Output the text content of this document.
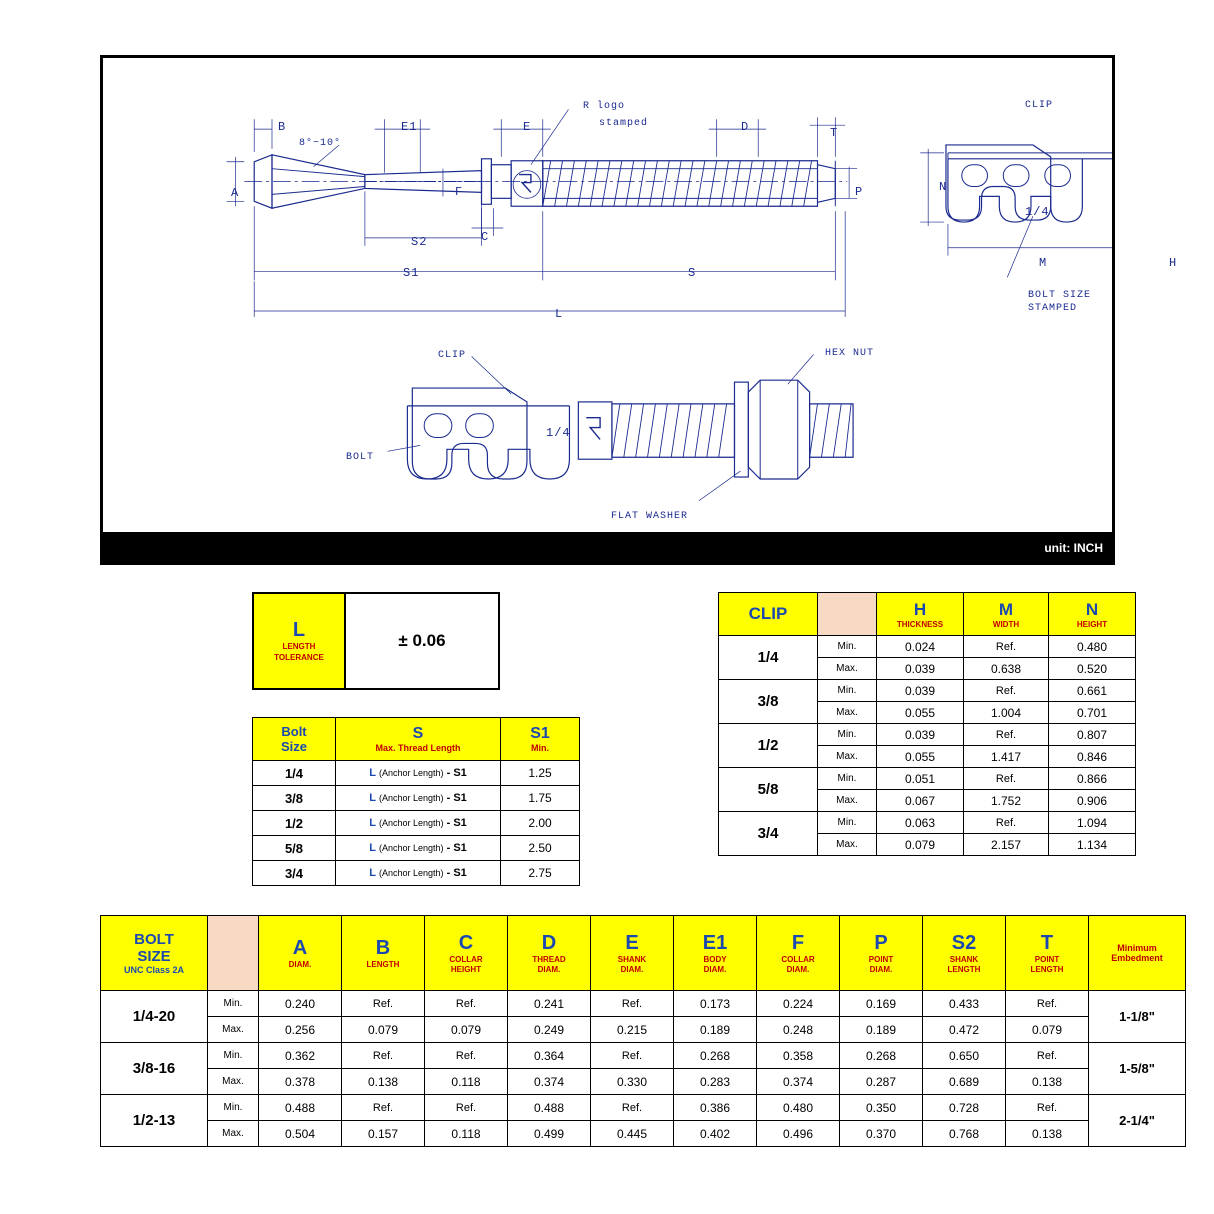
B
8°~10°
E1	E
R logo
stamped	D	T
A	F	P
S2	C
S1	S
L
CLIP
N
1/4
M	H
BOLT SIZE
STAMPED
CLIP	HEX NUT
BOLT
1/4
FLAT WASHER
unit: INCH
L
LENGTH
TOLERANCE
	± 0.06
Bolt
Size

S
Max. Thread Length

S1
Min.

1/4	L (Anchor Length) - S1	1.25
3/8	L (Anchor Length) - S1	1.75
1/2	L (Anchor Length) - S1	2.00
5/8	L (Anchor Length) - S1	2.50
3/4	L (Anchor Length) - S1	2.75
CLIP		H
THICKNESS

M
WIDTH

N
HEIGHT

1/4	Min.	0.024	Ref.	0.480
	Max.	0.039	0.638	0.520
3/8	Min.	0.039	Ref.	0.661
	Max.	0.055	1.004	0.701
1/2	Min.	0.039	Ref.	0.807
	Max.	0.055	1.417	0.846
5/8	Min.	0.051	Ref.	0.866
	Max.	0.067	1.752	0.906
3/4	Min.	0.063	Ref.	1.094
	Max.	0.079	2.157	1.134
BOLT
SIZE
UNC Class 2A

A
DIAM.

B
LENGTH

C
COLLAR
HEIGHT

D
THREAD
DIAM.

E
SHANK
DIAM.

E1
BODY
DIAM.

F
COLLAR
DIAM.

P
POINT
DIAM.

S2
SHANK
LENGTH

T
POINT
LENGTH

Minimum
Embedment

1/4-20	Min.	0.240	Ref.	Ref.	0.241	Ref.	0.173	0.224	0.169	0.433	Ref.	1-1/8"
	Max.	0.256	0.079	0.079	0.249	0.215	0.189	0.248	0.189	0.472	0.079	
3/8-16	Min.	0.362	Ref.	Ref.	0.364	Ref.	0.268	0.358	0.268	0.650	Ref.	1-5/8"
	Max.	0.378	0.138	0.118	0.374	0.330	0.283	0.374	0.287	0.689	0.138	
1/2-13	Min.	0.488	Ref.	Ref.	0.488	Ref.	0.386	0.480	0.350	0.728	Ref.	2-1/4"
	Max.	0.504	0.157	0.118	0.499	0.445	0.402	0.496	0.370	0.768	0.138	
